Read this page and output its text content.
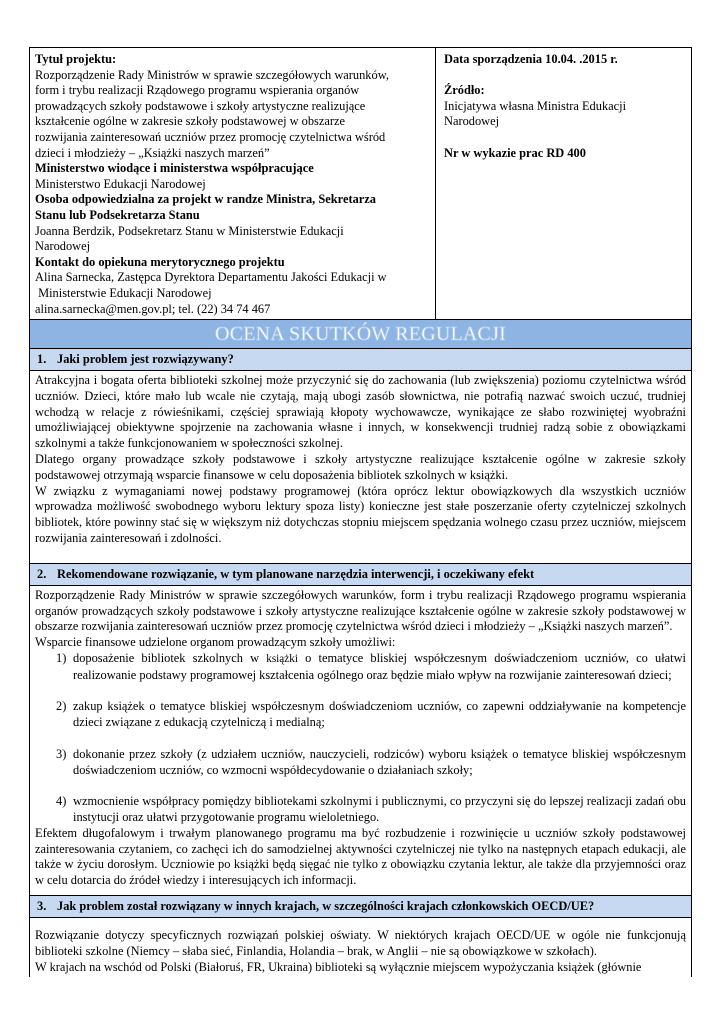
Tytuł projektu:
Rozporządzenie Rady Ministrów w sprawie szczegółowych warunków,
form i trybu realizacji Rządowego programu wspierania organów
prowadzących szkoły podstawowe i szkoły artystyczne realizujące
kształcenie ogólne w zakresie szkoły podstawowej w obszarze
rozwijania zainteresowań uczniów przez promocję czytelnictwa wśród
dzieci i młodzieży – „Książki naszych marzeń”
Ministerstwo wiodące i ministerstwa współpracujące
Ministerstwo Edukacji Narodowej
Osoba odpowiedzialna za projekt w randze Ministra, Sekretarza
Stanu lub Podsekretarza Stanu
Joanna Berdzik, Podsekretarz Stanu w Ministerstwie Edukacji
Narodowej
Kontakt do opiekuna merytorycznego projektu
Alina Sarnecka, Zastępca Dyrektora Departamentu Jakości Edukacji w
Ministerstwie Edukacji Narodowej
alina.sarnecka@men.gov.pl; tel. (22) 34 74 467

Data sporządzenia 10.04. .2015 r.
Źródło:
Inicjatywa własna Ministra Edukacji
Narodowej
Nr w wykazie prac RD 400

OCENA SKUTKÓW REGULACJI
1. Jaki problem jest rozwiązywany?

Atrakcyjna i bogata oferta biblioteki szkolnej może przyczynić się do zachowania (lub zwiększenia) poziomu czytelnictwa wśród uczniów. Dzieci, które mało lub wcale nie czytają, mają ubogi zasób słownictwa, nie potrafią nazwać swoich uczuć, trudniej wchodzą w relacje z rówieśnikami, częściej sprawiają kłopoty wychowawcze, wynikające ze słabo rozwiniętej wyobraźni umożliwiającej obiektywne spojrzenie na zachowania własne i innych, w konsekwencji trudniej radzą sobie z obowiązkami szkolnymi a także funkcjonowaniem w społeczności szkolnej.

Dlatego organy prowadzące szkoły podstawowe i szkoły artystyczne realizujące kształcenie ogólne w zakresie szkoły podstawowej otrzymają wsparcie finansowe w celu doposażenia bibliotek szkolnych w książki.

W związku z wymaganiami nowej podstawy programowej (która oprócz lektur obowiązkowych dla wszystkich uczniów wprowadza możliwość swobodnego wyboru lektury spoza listy) konieczne jest stałe poszerzanie oferty czytelniczej szkolnych bibliotek, które powinny stać się w większym niż dotychczas stopniu miejscem spędzania wolnego czasu przez uczniów, miejscem rozwijania zainteresowań i zdolności.

2. Rekomendowane rozwiązanie, w tym planowane narzędzia interwencji, i oczekiwany efekt

Rozporządzenie Rady Ministrów w sprawie szczegółowych warunków, form i trybu realizacji Rządowego programu wspierania organów prowadzących szkoły podstawowe i szkoły artystyczne realizujące kształcenie ogólne w zakresie szkoły podstawowej w obszarze rozwijania zainteresowań uczniów przez promocję czytelnictwa wśród dzieci i młodzieży – „Książki naszych marzeń”.

Wsparcie finansowe udzielone organom prowadzącym szkoły umożliwi:

1) doposażenie bibliotek szkolnych w książki o tematyce bliskiej współczesnym doświadczeniom uczniów, co ułatwi realizowanie podstawy programowej kształcenia ogólnego oraz będzie miało wpływ na rozwijanie zainteresowań dzieci;
2) zakup książek o tematyce bliskiej współczesnym doświadczeniom uczniów, co zapewni oddziaływanie na kompetencje dzieci związane z edukacją czytelniczą i medialną;
3) dokonanie przez szkoły (z udziałem uczniów, nauczycieli, rodziców) wyboru książek o tematyce bliskiej współczesnym doświadczeniom uczniów, co wzmocni współdecydowanie o działaniach szkoły;
4) wzmocnienie współpracy pomiędzy bibliotekami szkolnymi i publicznymi, co przyczyni się do lepszej realizacji zadań obu instytucji oraz ułatwi przygotowanie programu wieloletniego.

Efektem długofalowym i trwałym planowanego programu ma być rozbudzenie i rozwinięcie u uczniów szkoły podstawowej zainteresowania czytaniem, co zachęci ich do samodzielnej aktywności czytelniczej nie tylko na następnych etapach edukacji, ale także w życiu dorosłym. Uczniowie po książki będą sięgać nie tylko z obowiązku czytania lektur, ale także dla przyjemności oraz w celu dotarcia do źródeł wiedzy i interesujących ich informacji.

3. Jak problem został rozwiązany w innych krajach, w szczególności krajach członkowskich OECD/UE?

Rozwiązanie dotyczy specyficznych rozwiązań polskiej oświaty. W niektórych krajach OECD/UE w ogóle nie funkcjonują biblioteki szkolne (Niemcy – słaba sieć, Finlandia, Holandia – brak, w Anglii – nie są obowiązkowe w szkołach).

W krajach na wschód od Polski (Białoruś, FR, Ukraina) biblioteki są wyłącznie miejscem wypożyczania książek (głównie
